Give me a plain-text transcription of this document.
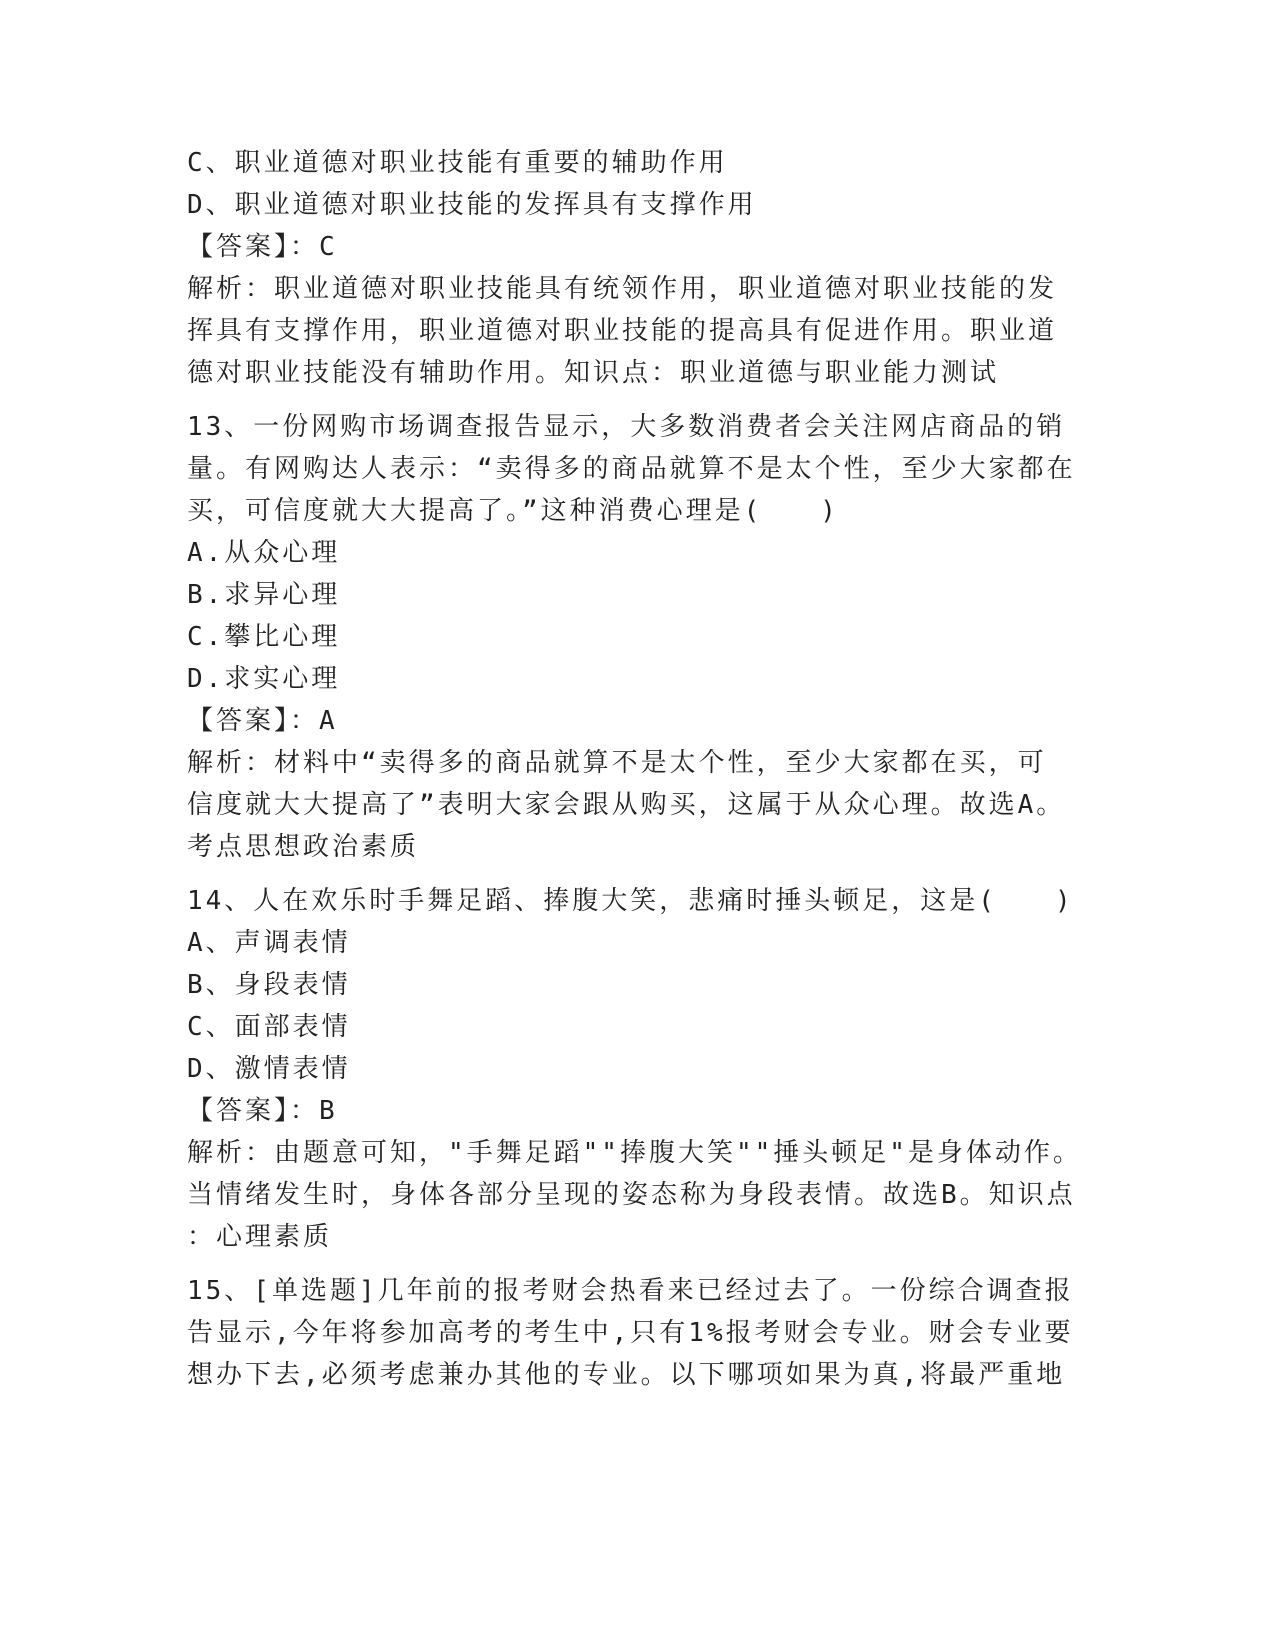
C、职业道德对职业技能有重要的辅助作用
D、职业道德对职业技能的发挥具有支撑作用
【答案】：C
解析：职业道德对职业技能具有统领作用，职业道德对职业技能的发
挥具有支撑作用，职业道德对职业技能的提高具有促进作用。职业道
德对职业技能没有辅助作用。知识点：职业道德与职业能力测试
13、一份网购市场调查报告显示，大多数消费者会关注网店商品的销
量。有网购达人表示：“卖得多的商品就算不是太个性，至少大家都在
买，可信度就大大提高了。”这种消费心理是(　　)
A.从众心理
B.求异心理
C.攀比心理
D.求实心理
【答案】：A
解析：材料中“卖得多的商品就算不是太个性，至少大家都在买，可
信度就大大提高了”表明大家会跟从购买，这属于从众心理。故选A。
考点思想政治素质
14、人在欢乐时手舞足蹈、捧腹大笑，悲痛时捶头顿足，这是(　　)
A、声调表情
B、身段表情
C、面部表情
D、激情表情
【答案】：B
解析：由题意可知，"手舞足蹈""捧腹大笑""捶头顿足"是身体动作。
当情绪发生时，身体各部分呈现的姿态称为身段表情。故选B。知识点
：心理素质
15、[单选题]几年前的报考财会热看来已经过去了。一份综合调查报
告显示,今年将参加高考的考生中,只有1%报考财会专业。财会专业要
想办下去,必须考虑兼办其他的专业。以下哪项如果为真,将最严重地
